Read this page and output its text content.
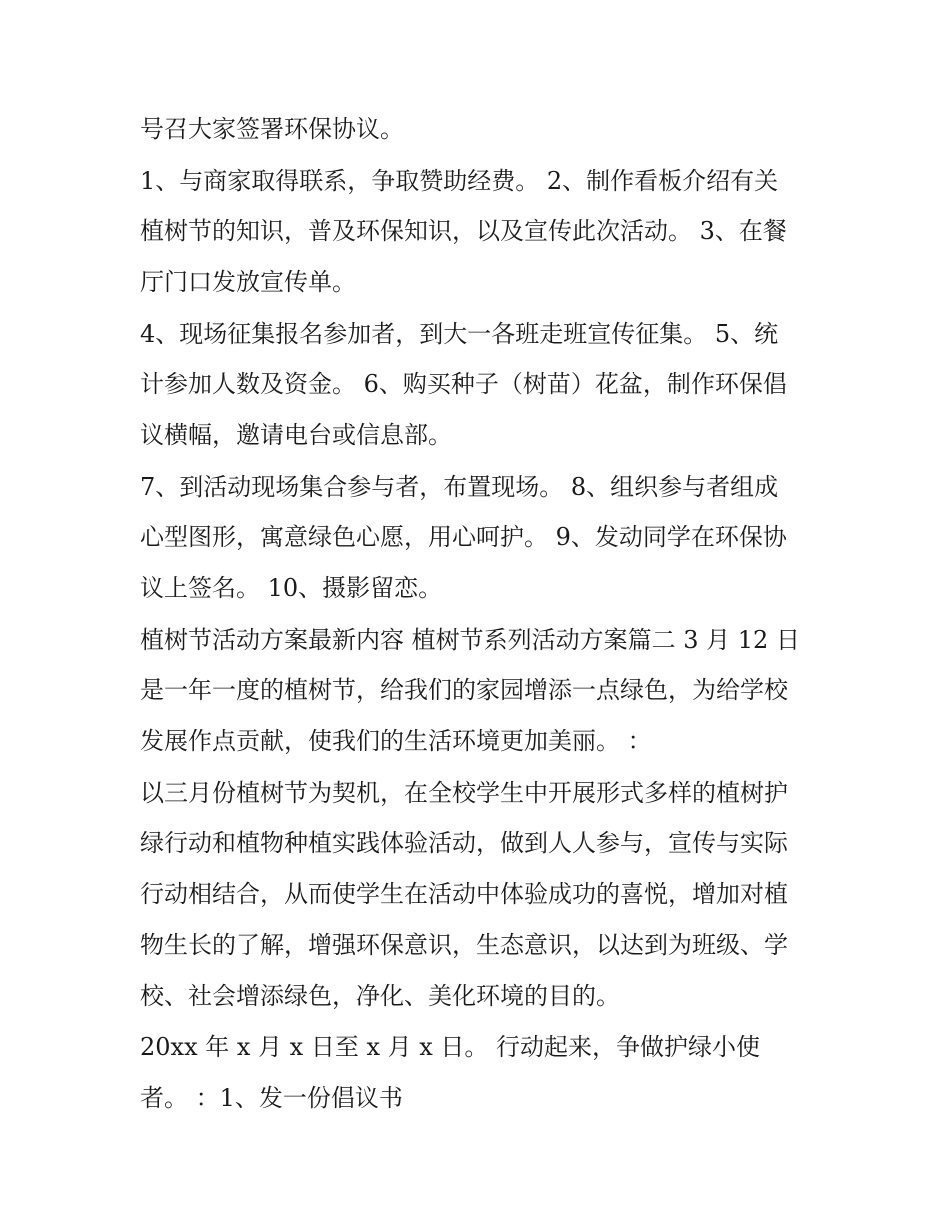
号召大家签署环保协议。
1、与商家取得联系，争取赞助经费。 2、制作看板介绍有关
植树节的知识，普及环保知识，以及宣传此次活动。 3、在餐
厅门口发放宣传单。
4、现场征集报名参加者，到大一各班走班宣传征集。 5、统
计参加人数及资金。 6、购买种子（树苗）花盆，制作环保倡
议横幅，邀请电台或信息部。
7、到活动现场集合参与者，布置现场。 8、组织参与者组成
心型图形，寓意绿色心愿，用心呵护。 9、发动同学在环保协
议上签名。 10、摄影留恋。
植树节活动方案最新内容 植树节系列活动方案篇二 3 月 12 日
是一年一度的植树节，给我们的家园增添一点绿色，为给学校
发展作点贡献，使我们的生活环境更加美丽。 ：
以三月份植树节为契机，在全校学生中开展形式多样的植树护
绿行动和植物种植实践体验活动，做到人人参与，宣传与实际
行动相结合，从而使学生在活动中体验成功的喜悦，增加对植
物生长的了解，增强环保意识，生态意识，以达到为班级、学
校、社会增添绿色，净化、美化环境的目的。
20xx 年 x 月 x 日至 x 月 x 日。 行动起来，争做护绿小使
者。 ：1、发一份倡议书
